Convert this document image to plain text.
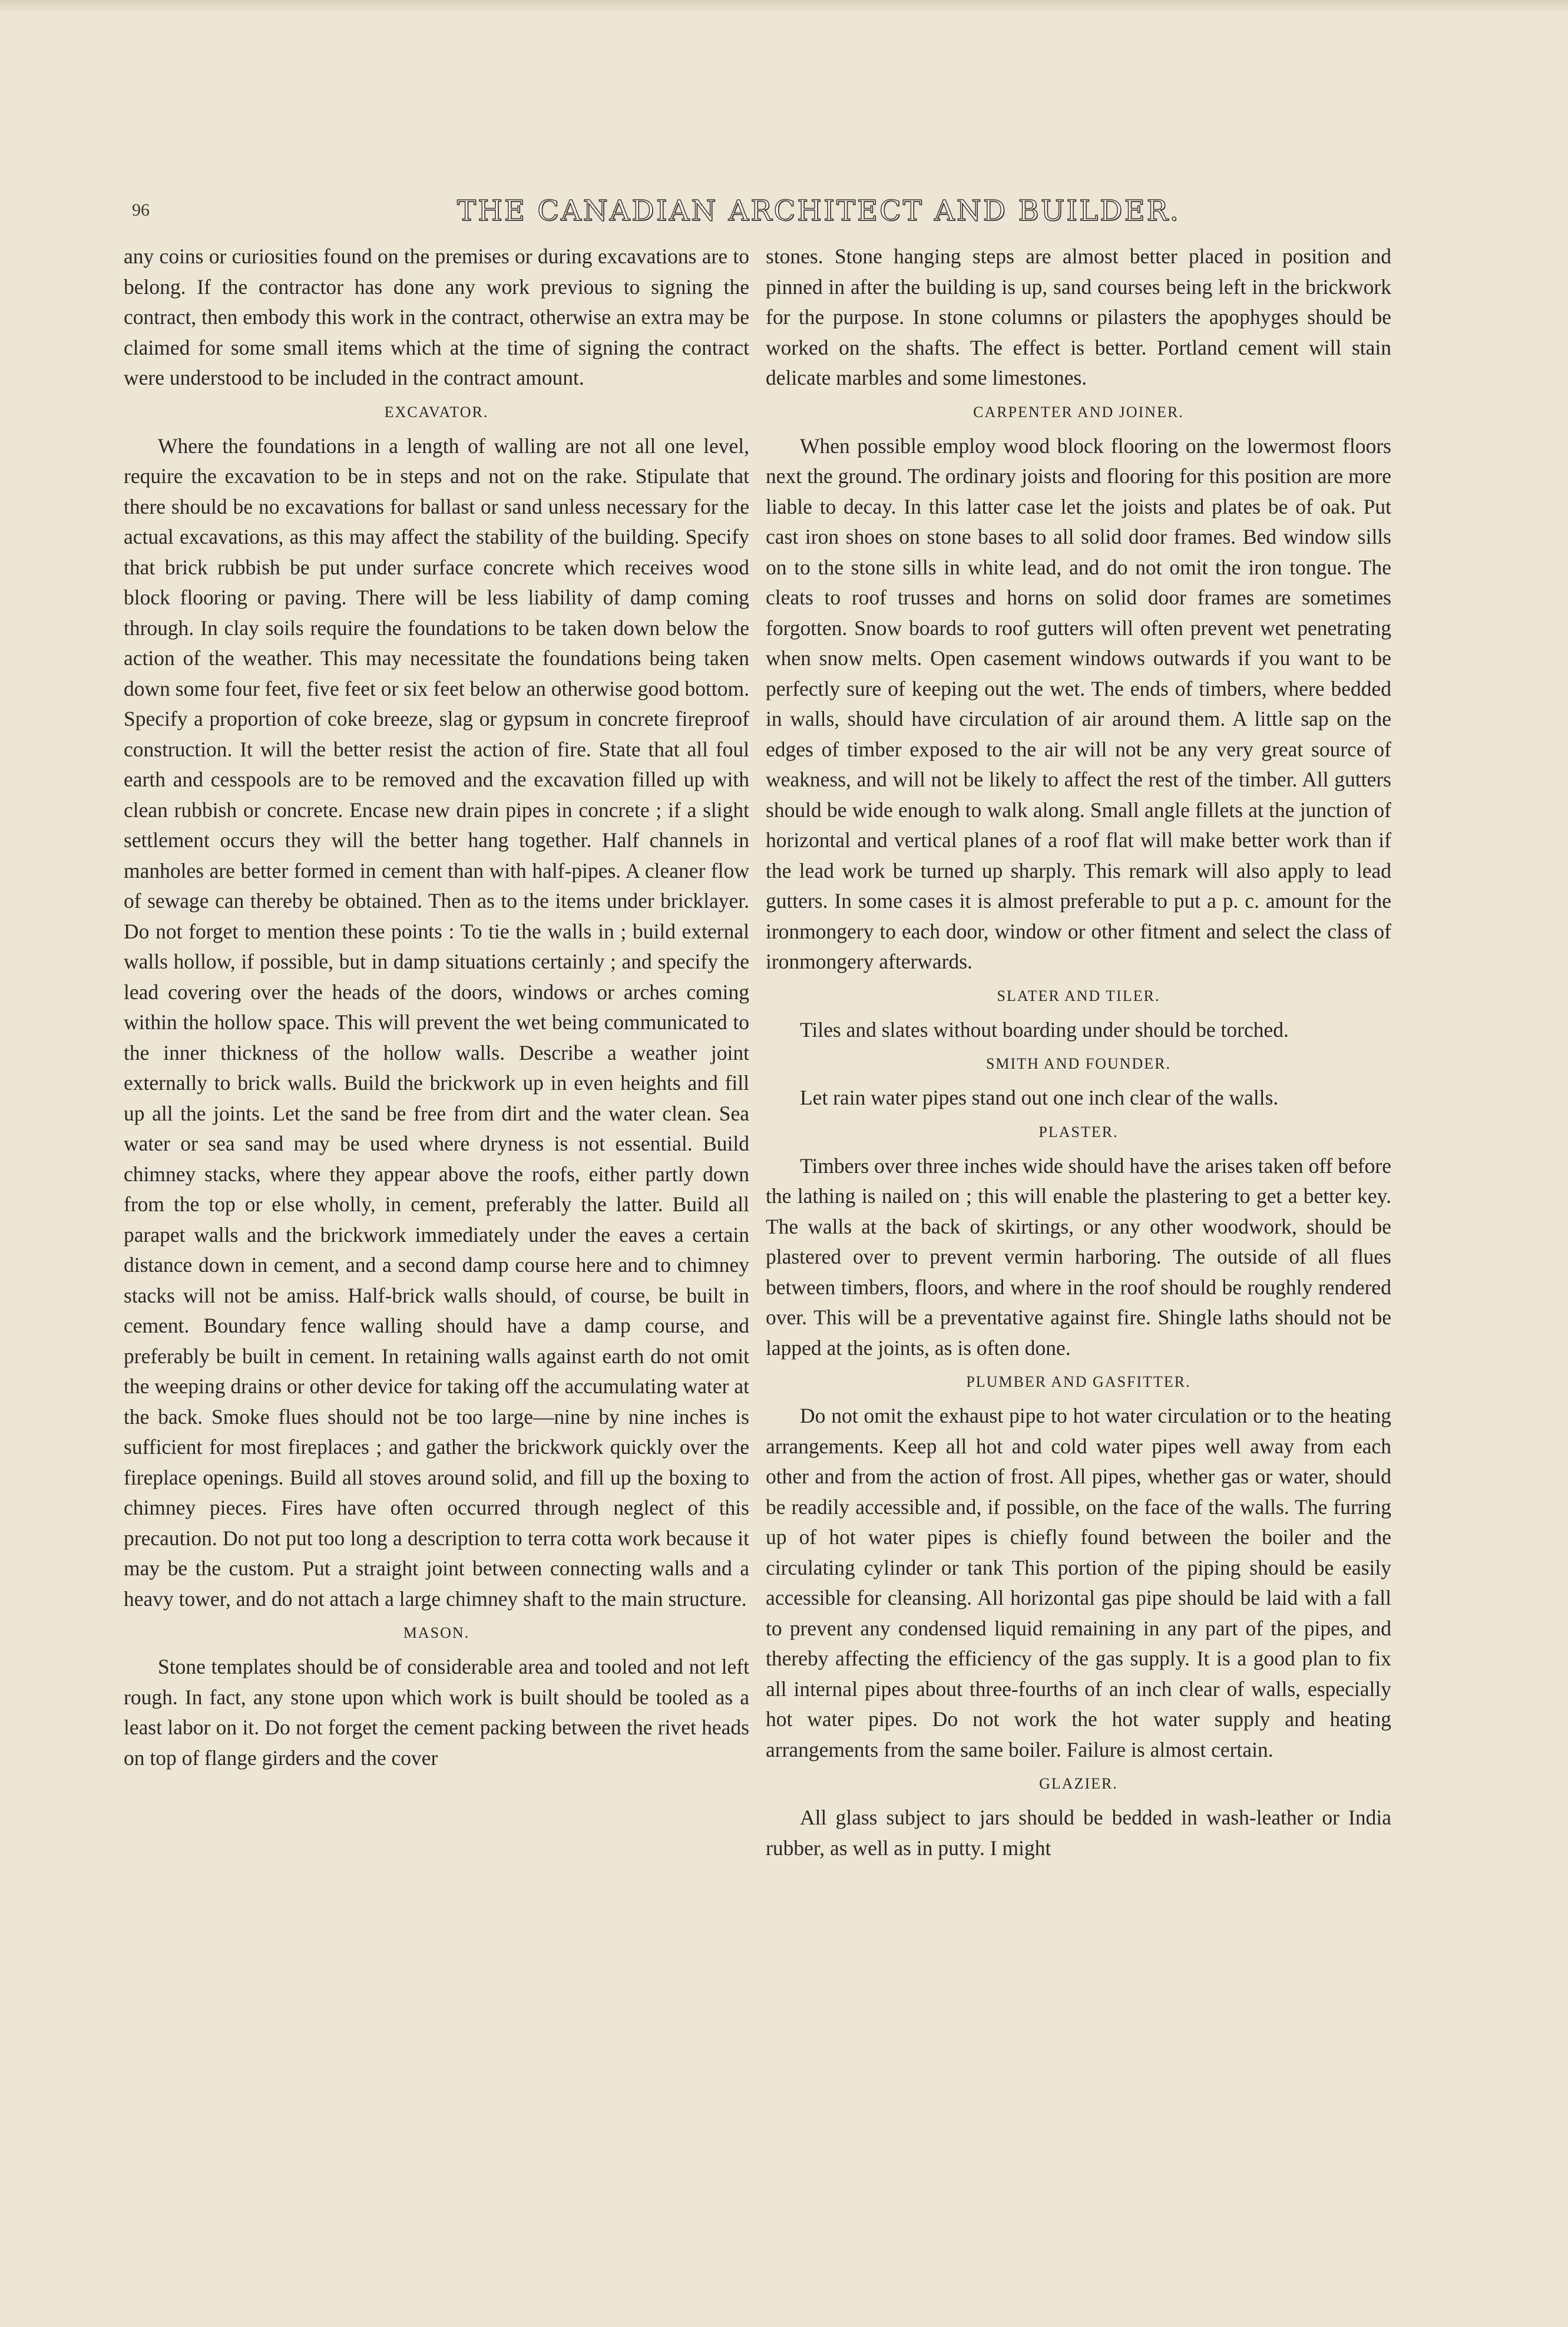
96	THE CANADIAN ARCHITECT AND BUILDER.

any coins or curiosities found on the premises or during excavations are to belong. If the contractor has done any work previous to signing the contract, then embody this work in the contract, otherwise an extra may be claimed for some small items which at the time of signing the contract were understood to be included in the contract amount.

EXCAVATOR.

Where the foundations in a length of walling are not all one level, require the excavation to be in steps and not on the rake. Stipulate that there should be no excavations for ballast or sand unless necessary for the actual excavations, as this may affect the stability of the building. Specify that brick rubbish be put under surface concrete which receives wood block flooring or paving. There will be less liability of damp coming through. In clay soils require the foundations to be taken down below the action of the weather. This may necessitate the foundations being taken down some four feet, five feet or six feet below an otherwise good bottom. Specify a proportion of coke breeze, slag or gypsum in concrete fireproof construction. It will the better resist the action of fire. State that all foul earth and cesspools are to be removed and the excavation filled up with clean rubbish or concrete. Encase new drain pipes in concrete ; if a slight settlement occurs they will the better hang together. Half channels in manholes are better formed in cement than with half-pipes. A cleaner flow of sewage can thereby be obtained. Then as to the items under bricklayer. Do not forget to mention these points : To tie the walls in ; build external walls hollow, if possible, but in damp situations certainly ; and specify the lead covering over the heads of the doors, windows or arches coming within the hollow space. This will prevent the wet being communicated to the inner thickness of the hollow walls. Describe a weather joint externally to brick walls. Build the brickwork up in even heights and fill up all the joints. Let the sand be free from dirt and the water clean. Sea water or sea sand may be used where dryness is not essential. Build chimney stacks, where they appear above the roofs, either partly down from the top or else wholly, in cement, preferably the latter. Build all parapet walls and the brickwork immediately under the eaves a certain distance down in cement, and a second damp course here and to chimney stacks will not be amiss. Half-brick walls should, of course, be built in cement. Boundary fence walling should have a damp course, and preferably be built in cement. In retaining walls against earth do not omit the weeping drains or other device for taking off the accumulating water at the back. Smoke flues should not be too large—nine by nine inches is sufficient for most fireplaces ; and gather the brickwork quickly over the fireplace openings. Build all stoves around solid, and fill up the boxing to chimney pieces. Fires have often occurred through neglect of this precaution. Do not put too long a description to terra cotta work because it may be the custom. Put a straight joint between connecting walls and a heavy tower, and do not attach a large chimney shaft to the main structure.

MASON.

Stone templates should be of considerable area and tooled and not left rough. In fact, any stone upon which work is built should be tooled as a least labor on it. Do not forget the cement packing between the rivet heads on top of flange girders and the cover

stones. Stone hanging steps are almost better placed in position and pinned in after the building is up, sand courses being left in the brickwork for the purpose. In stone columns or pilasters the apophyges should be worked on the shafts. The effect is better. Portland cement will stain delicate marbles and some limestones.

CARPENTER AND JOINER.

When possible employ wood block flooring on the lowermost floors next the ground. The ordinary joists and flooring for this position are more liable to decay. In this latter case let the joists and plates be of oak. Put cast iron shoes on stone bases to all solid door frames. Bed window sills on to the stone sills in white lead, and do not omit the iron tongue. The cleats to roof trusses and horns on solid door frames are sometimes forgotten. Snow boards to roof gutters will often prevent wet penetrating when snow melts. Open casement windows outwards if you want to be perfectly sure of keeping out the wet. The ends of timbers, where bedded in walls, should have circulation of air around them. A little sap on the edges of timber exposed to the air will not be any very great source of weakness, and will not be likely to affect the rest of the timber. All gutters should be wide enough to walk along. Small angle fillets at the junction of horizontal and vertical planes of a roof flat will make better work than if the lead work be turned up sharply. This remark will also apply to lead gutters. In some cases it is almost preferable to put a p. c. amount for the ironmongery to each door, window or other fitment and select the class of ironmongery afterwards.

SLATER AND TILER.

Tiles and slates without boarding under should be torched.

SMITH AND FOUNDER.

Let rain water pipes stand out one inch clear of the walls.

PLASTER.

Timbers over three inches wide should have the arises taken off before the lathing is nailed on ; this will enable the plastering to get a better key. The walls at the back of skirtings, or any other woodwork, should be plastered over to prevent vermin harboring. The outside of all flues between timbers, floors, and where in the roof should be roughly rendered over. This will be a preventative against fire. Shingle laths should not be lapped at the joints, as is often done.

PLUMBER AND GASFITTER.

Do not omit the exhaust pipe to hot water circulation or to the heating arrangements. Keep all hot and cold water pipes well away from each other and from the action of frost. All pipes, whether gas or water, should be readily accessible and, if possible, on the face of the walls. The furring up of hot water pipes is chiefly found between the boiler and the circulating cylinder or tank This portion of the piping should be easily accessible for cleansing. All horizontal gas pipe should be laid with a fall to prevent any condensed liquid remaining in any part of the pipes, and thereby affecting the efficiency of the gas supply. It is a good plan to fix all internal pipes about three-fourths of an inch clear of walls, especially hot water pipes. Do not work the hot water supply and heating arrangements from the same boiler. Failure is almost certain.

GLAZIER.

All glass subject to jars should be bedded in wash-leather or India rubber, as well as in putty. I might
